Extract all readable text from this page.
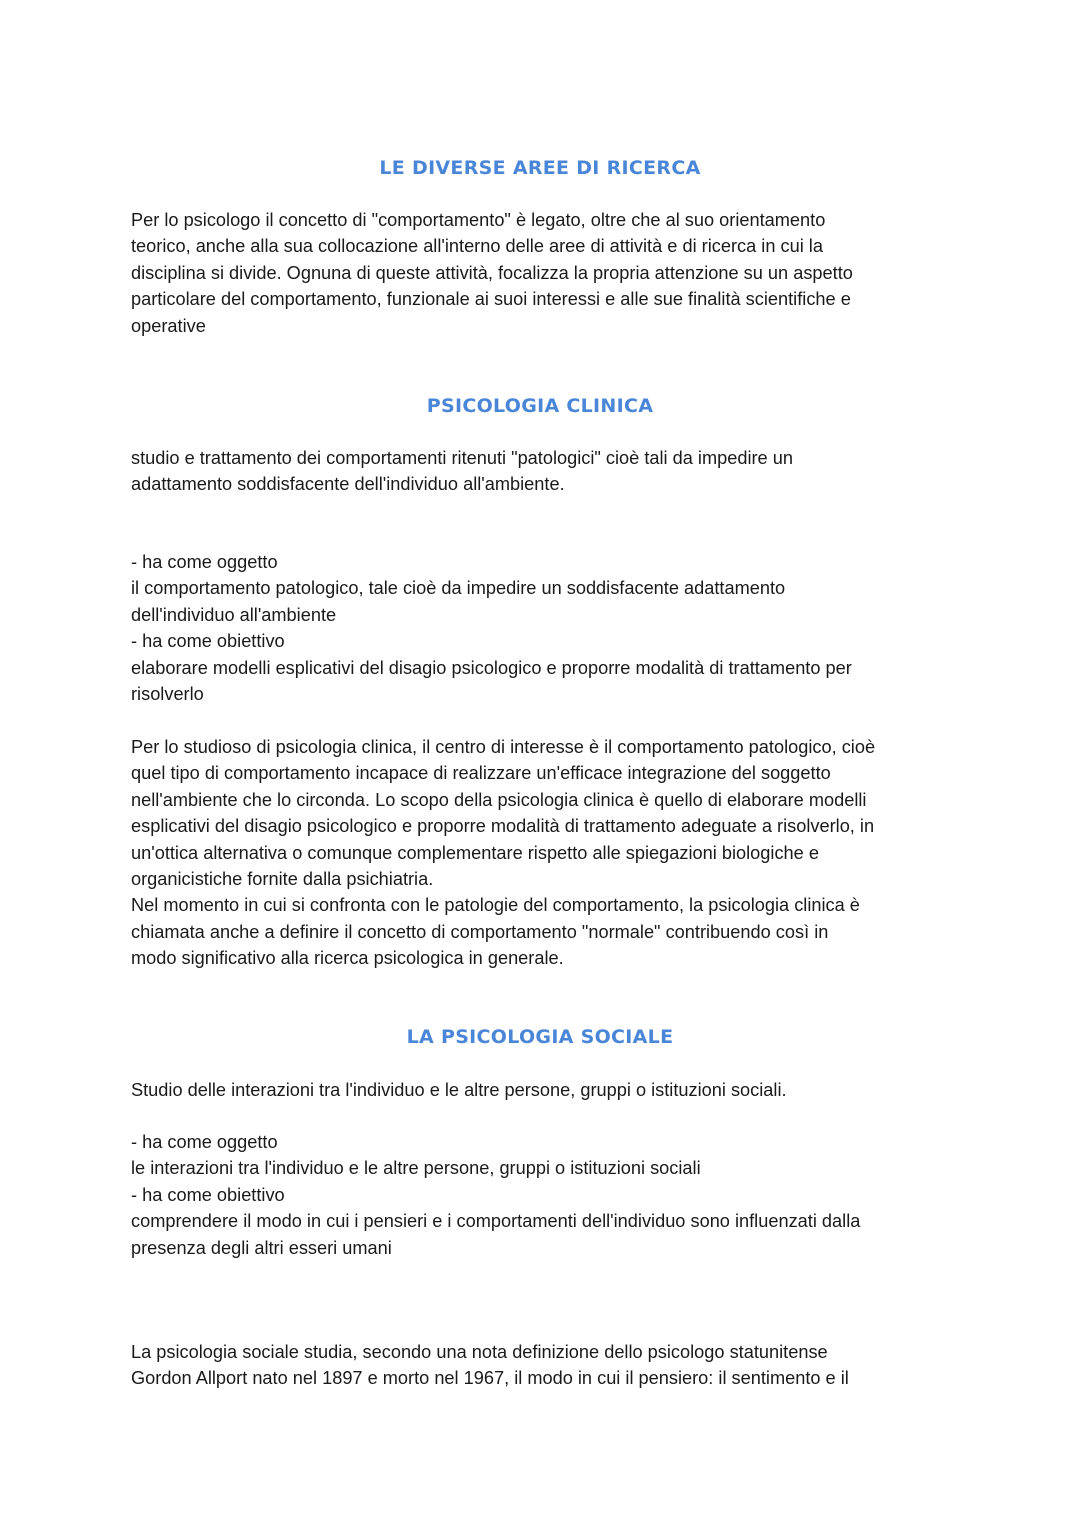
LE DIVERSE AREE DI RICERCA
Per lo psicologo il concetto di "comportamento" è legato, oltre che al suo orientamento
teorico, anche alla sua collocazione all'interno delle aree di attività e di ricerca in cui la
disciplina si divide. Ognuna di queste attività, focalizza la propria attenzione su un aspetto
particolare del comportamento, funzionale ai suoi interessi e alle sue finalità scientifiche e
operative
PSICOLOGIA CLINICA
studio e trattamento dei comportamenti ritenuti "patologici" cioè tali da impedire un
adattamento soddisfacente dell'individuo all'ambiente.
- ha come oggetto
il comportamento patologico, tale cioè da impedire un soddisfacente adattamento
dell'individuo all'ambiente
- ha come obiettivo
elaborare modelli esplicativi del disagio psicologico e proporre modalità di trattamento per
risolverlo
Per lo studioso di psicologia clinica, il centro di interesse è il comportamento patologico, cioè
quel tipo di comportamento incapace di realizzare un'efficace integrazione del soggetto
nell'ambiente che lo circonda. Lo scopo della psicologia clinica è quello di elaborare modelli
esplicativi del disagio psicologico e proporre modalità di trattamento adeguate a risolverlo, in
un'ottica alternativa o comunque complementare rispetto alle spiegazioni biologiche e
organicistiche fornite dalla psichiatria.
Nel momento in cui si confronta con le patologie del comportamento, la psicologia clinica è
chiamata anche a definire il concetto di comportamento "normale" contribuendo così in
modo significativo alla ricerca psicologica in generale.
LA PSICOLOGIA SOCIALE
Studio delle interazioni tra l'individuo e le altre persone, gruppi o istituzioni sociali.
- ha come oggetto
le interazioni tra l'individuo e le altre persone, gruppi o istituzioni sociali
- ha come obiettivo
comprendere il modo in cui i pensieri e i comportamenti dell'individuo sono influenzati dalla
presenza degli altri esseri umani
La psicologia sociale studia, secondo una nota definizione dello psicologo statunitense
Gordon Allport nato nel 1897 e morto nel 1967, il modo in cui il pensiero: il sentimento e il
